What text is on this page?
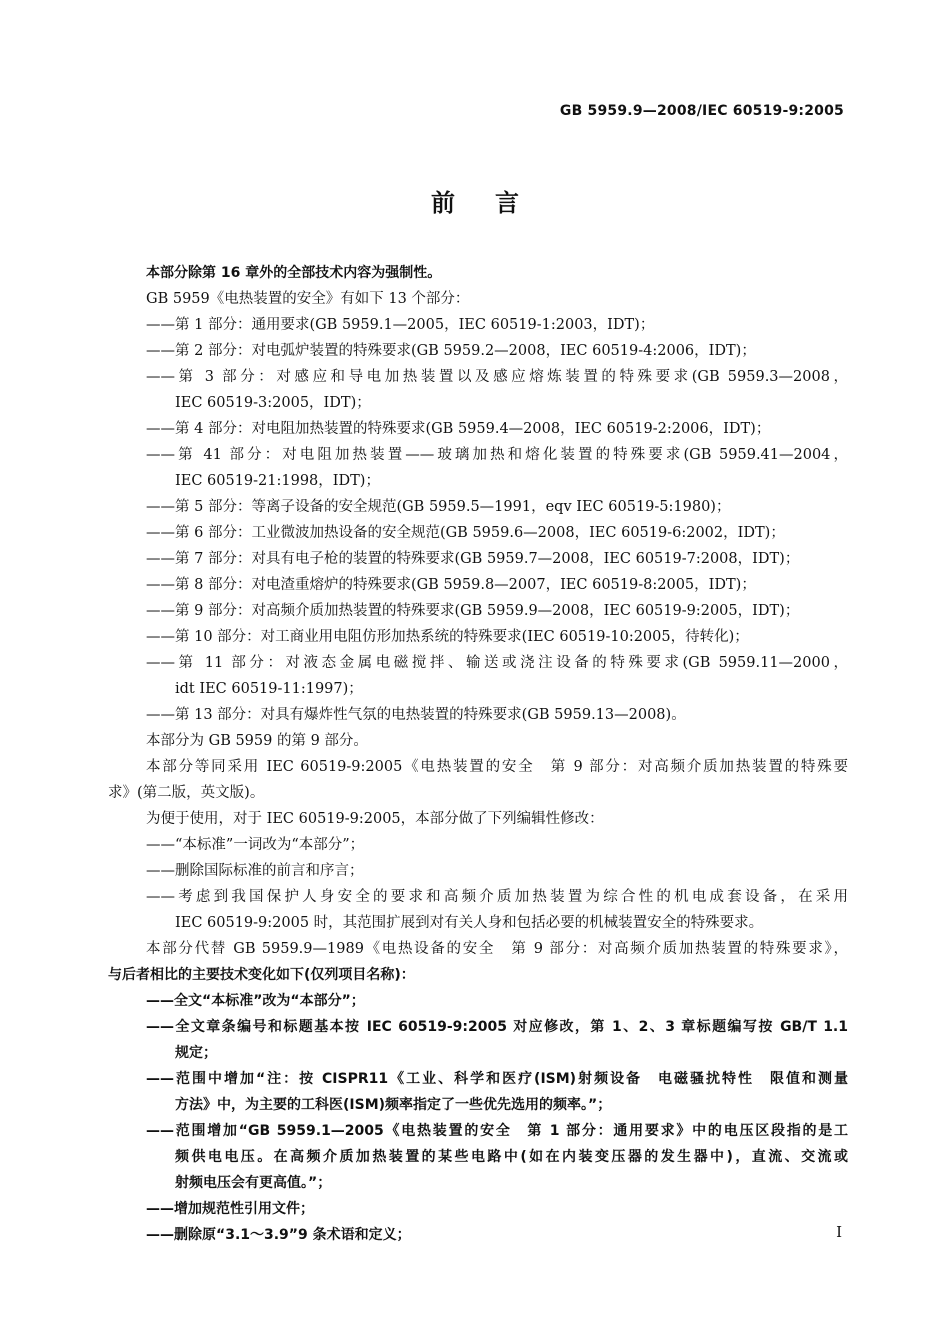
GB 5959.9—2008/IEC 60519-9:2005
前言
本部分除第 16 章外的全部技术内容为强制性。
GB 5959《电热装置的安全》有如下 13 个部分：
——第 1 部分：通用要求(GB 5959.1—2005，IEC 60519-1:2003，IDT)；
——第 2 部分：对电弧炉装置的特殊要求(GB 5959.2—2008，IEC 60519-4:2006，IDT)；
——第 3 部分：对感应和导电加热装置以及感应熔炼装置的特殊要求(GB 5959.3—2008，
IEC 60519-3:2005，IDT)；
——第 4 部分：对电阻加热装置的特殊要求(GB 5959.4—2008，IEC 60519-2:2006，IDT)；
——第 41 部分：对电阻加热装置——玻璃加热和熔化装置的特殊要求(GB 5959.41—2004，
IEC 60519-21:1998，IDT)；
——第 5 部分：等离子设备的安全规范(GB 5959.5—1991，eqv IEC 60519-5:1980)；
——第 6 部分：工业微波加热设备的安全规范(GB 5959.6—2008，IEC 60519-6:2002，IDT)；
——第 7 部分：对具有电子枪的装置的特殊要求(GB 5959.7—2008，IEC 60519-7:2008，IDT)；
——第 8 部分：对电渣重熔炉的特殊要求(GB 5959.8—2007，IEC 60519-8:2005，IDT)；
——第 9 部分：对高频介质加热装置的特殊要求(GB 5959.9—2008，IEC 60519-9:2005，IDT)；
——第 10 部分：对工商业用电阻仿形加热系统的特殊要求(IEC 60519-10:2005，待转化)；
——第 11 部分：对液态金属电磁搅拌、输送或浇注设备的特殊要求(GB 5959.11—2000，
idt IEC 60519-11:1997)；
——第 13 部分：对具有爆炸性气氛的电热装置的特殊要求(GB 5959.13—2008)。
本部分为 GB 5959 的第 9 部分。
本部分等同采用 IEC 60519-9:2005《电热装置的安全　第 9 部分：对高频介质加热装置的特殊要
求》(第二版，英文版)。
为便于使用，对于 IEC 60519-9:2005，本部分做了下列编辑性修改：
——“本标准”一词改为“本部分”；
——删除国际标准的前言和序言；
——考虑到我国保护人身安全的要求和高频介质加热装置为综合性的机电成套设备，在采用
IEC 60519-9:2005 时，其范围扩展到对有关人身和包括必要的机械装置安全的特殊要求。
本部分代替 GB 5959.9—1989《电热设备的安全　第 9 部分：对高频介质加热装置的特殊要求》，
与后者相比的主要技术变化如下(仅列项目名称)：
——全文“本标准”改为“本部分”；
——全文章条编号和标题基本按 IEC 60519-9:2005 对应修改，第 1、2、3 章标题编写按 GB/T 1.1
规定；
——范围中增加“注：按 CISPR11《工业、科学和医疗(ISM)射频设备　电磁骚扰特性　限值和测量
方法》中，为主要的工科医(ISM)频率指定了一些优先选用的频率。”；
——范围增加“GB 5959.1—2005《电热装置的安全　第 1 部分：通用要求》中的电压区段指的是工
频供电电压。在高频介质加热装置的某些电路中(如在内装变压器的发生器中)，直流、交流或
射频电压会有更高值。”；
——增加规范性引用文件；
——删除原“3.1～3.9”9 条术语和定义；	I
